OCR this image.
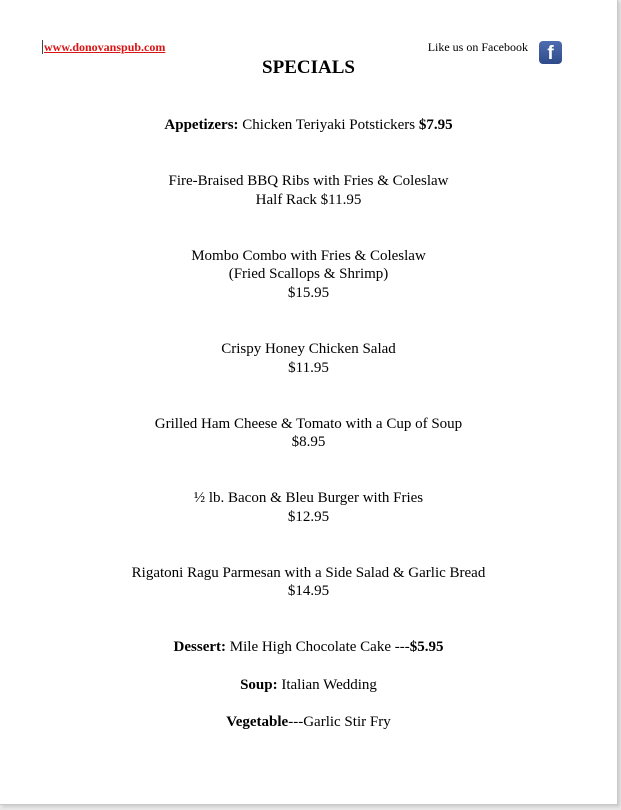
www.donovanspub.com	Like us on Facebook	f
SPECIALS
Appetizers: Chicken Teriyaki Potstickers $7.95
Fire-Braised BBQ Ribs with Fries & Coleslaw
Half Rack $11.95
Mombo Combo with Fries & Coleslaw
(Fried Scallops & Shrimp)
$15.95
Crispy Honey Chicken Salad
$11.95
Grilled Ham Cheese & Tomato with a Cup of Soup
$8.95
½ lb. Bacon & Bleu Burger with Fries
$12.95
Rigatoni Ragu Parmesan with a Side Salad & Garlic Bread
$14.95
Dessert: Mile High Chocolate Cake ---$5.95
Soup: Italian Wedding
Vegetable---Garlic Stir Fry
